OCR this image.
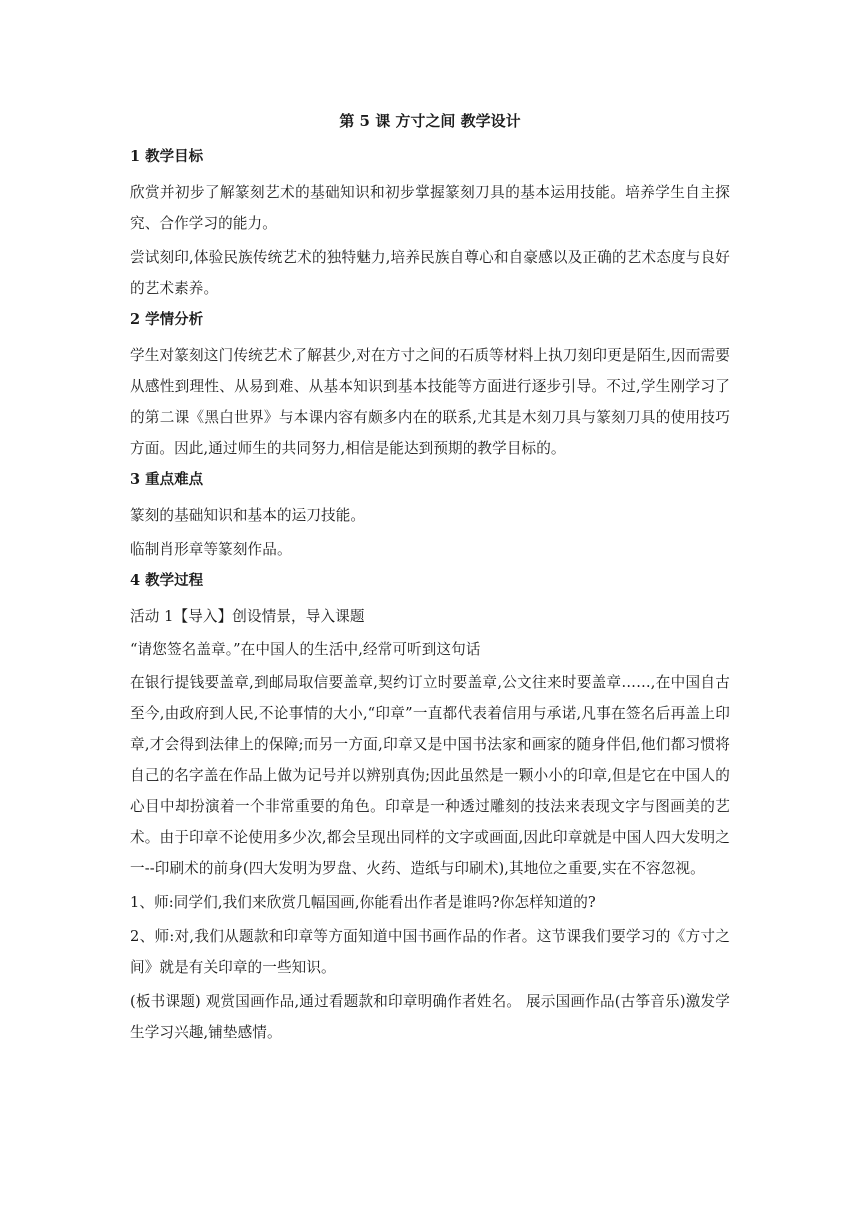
第 5 课 方寸之间 教学设计
1 教学目标

欣赏并初步了解篆刻艺术的基础知识和初步掌握篆刻刀具的基本运用技能。培养学生自主探究、合作学习的能力。

尝试刻印,体验民族传统艺术的独特魅力,培养民族自尊心和自豪感以及正确的艺术态度与良好的艺术素养。

2 学情分析

学生对篆刻这门传统艺术了解甚少,对在方寸之间的石质等材料上执刀刻印更是陌生,因而需要从感性到理性、从易到难、从基本知识到基本技能等方面进行逐步引导。不过,学生刚学习了的第二课《黑白世界》与本课内容有颇多内在的联系,尤其是木刻刀具与篆刻刀具的使用技巧方面。因此,通过师生的共同努力,相信是能达到预期的教学目标的。

3 重点难点

篆刻的基础知识和基本的运刀技能。

临制肖形章等篆刻作品。

4 教学过程

活动 1【导入】创设情景，导入课题

“请您签名盖章。”在中国人的生活中,经常可听到这句话

在银行提钱要盖章,到邮局取信要盖章,契约订立时要盖章,公文往来时要盖章……,在中国自古至今,由政府到人民,不论事情的大小,“印章”一直都代表着信用与承诺,凡事在签名后再盖上印章,才会得到法律上的保障;而另一方面,印章又是中国书法家和画家的随身伴侣,他们都习惯将自己的名字盖在作品上做为记号并以辨别真伪;因此虽然是一颗小小的印章,但是它在中国人的心目中却扮演着一个非常重要的角色。印章是一种透过雕刻的技法来表现文字与图画美的艺术。由于印章不论使用多少次,都会呈现出同样的文字或画面,因此印章就是中国人四大发明之一--印刷术的前身(四大发明为罗盘、火药、造纸与印刷术),其地位之重要,实在不容忽视。

1、师:同学们,我们来欣赏几幅国画,你能看出作者是谁吗?你怎样知道的?

2、师:对,我们从题款和印章等方面知道中国书画作品的作者。这节课我们要学习的《方寸之间》就是有关印章的一些知识。

(板书课题) 观赏国画作品,通过看题款和印章明确作者姓名。 展示国画作品(古筝音乐)激发学生学习兴趣,铺垫感情。
